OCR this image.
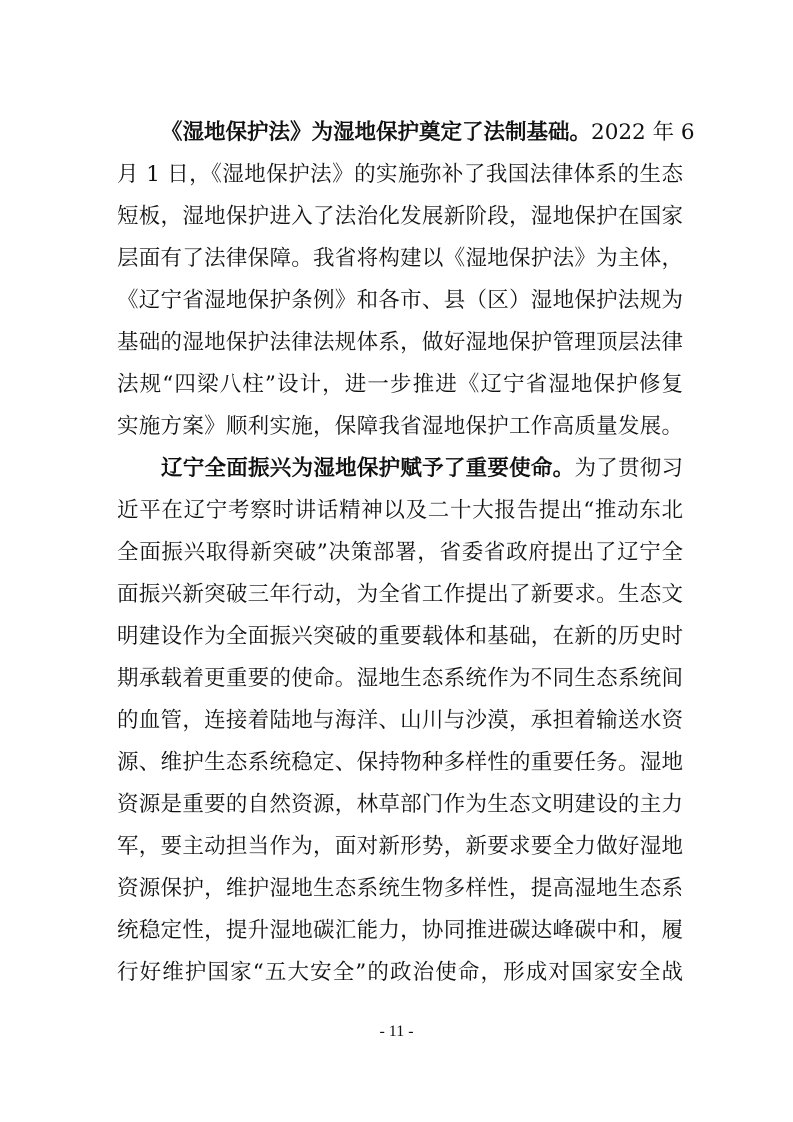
《湿地保护法》为湿地保护奠定了法制基础。2022 年 6
月 1 日，《湿地保护法》的实施弥补了我国法律体系的生态
短板，湿地保护进入了法治化发展新阶段，湿地保护在国家
层面有了法律保障。我省将构建以《湿地保护法》为主体，
《辽宁省湿地保护条例》和各市、县（区）湿地保护法规为
基础的湿地保护法律法规体系，做好湿地保护管理顶层法律
法规“四梁八柱”设计，进一步推进《辽宁省湿地保护修复
实施方案》顺利实施，保障我省湿地保护工作高质量发展。
辽宁全面振兴为湿地保护赋予了重要使命。为了贯彻习
近平在辽宁考察时讲话精神以及二十大报告提出“推动东北
全面振兴取得新突破”决策部署，省委省政府提出了辽宁全
面振兴新突破三年行动，为全省工作提出了新要求。生态文
明建设作为全面振兴突破的重要载体和基础，在新的历史时
期承载着更重要的使命。湿地生态系统作为不同生态系统间
的血管，连接着陆地与海洋、山川与沙漠，承担着输送水资
源、维护生态系统稳定、保持物种多样性的重要任务。湿地
资源是重要的自然资源，林草部门作为生态文明建设的主力
军，要主动担当作为，面对新形势，新要求要全力做好湿地
资源保护，维护湿地生态系统生物多样性，提高湿地生态系
统稳定性，提升湿地碳汇能力，协同推进碳达峰碳中和，履
行好维护国家“五大安全”的政治使命，形成对国家安全战
- 11 -
